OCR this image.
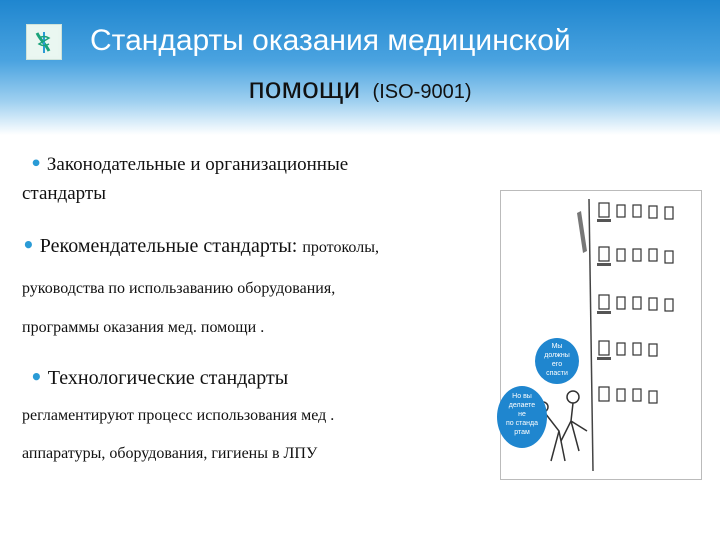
Стандарты оказания медицинской
помощи (ISO-9001)
• Законодательные и организационные
стандарты
• Рекомендательные стандарты: протоколы,
руководства по использаванию оборудования,
программы оказания мед. помощи .
• Технологические стандарты
регламентируют процесс использования мед .
аппаратуры, оборудования, гигиены в ЛПУ
Мы
должны
его
спасти
Но вы
делаете
не
по станда
ртам
